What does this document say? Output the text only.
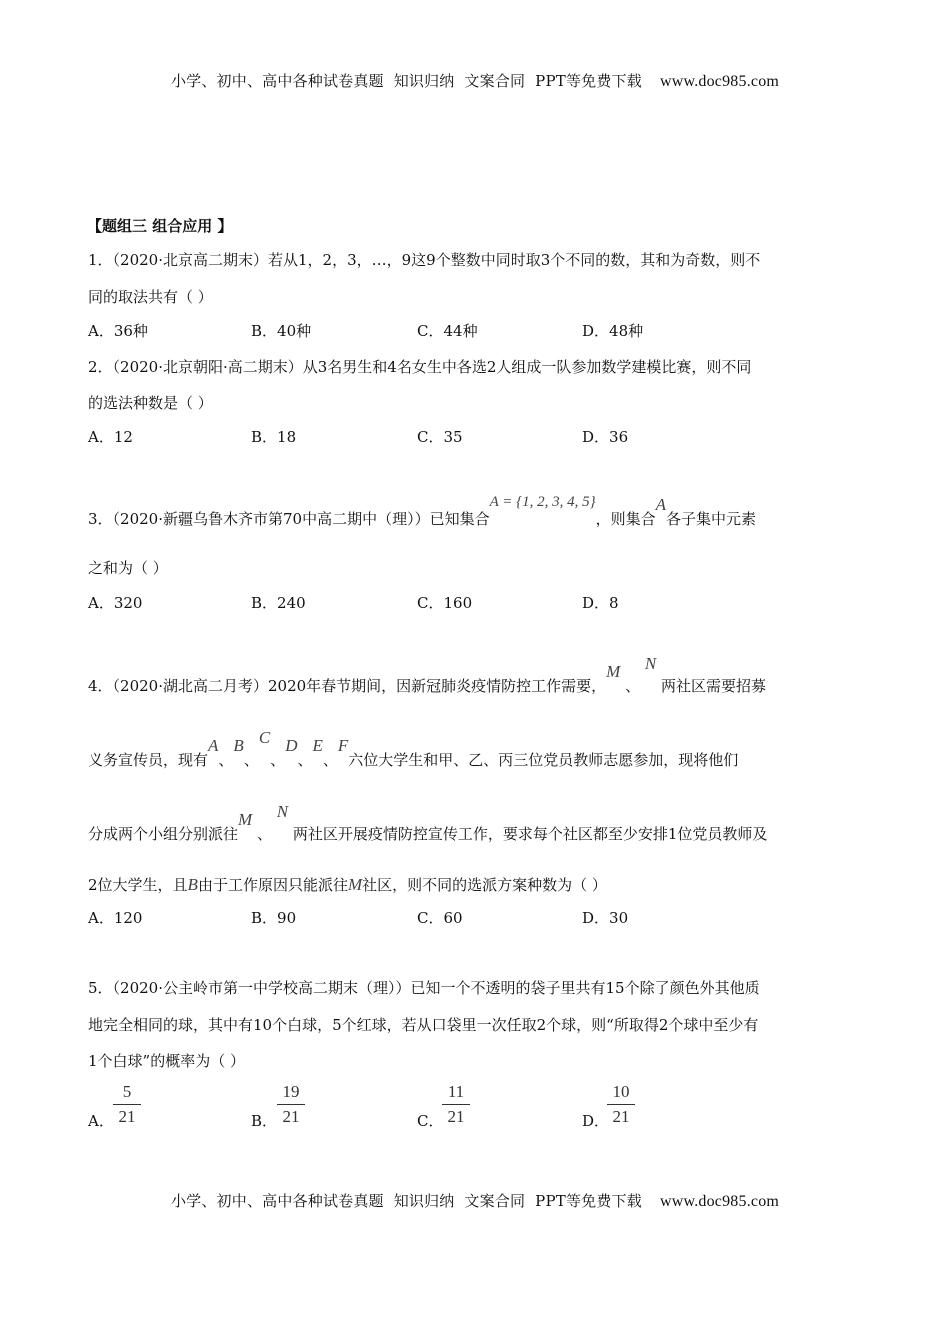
小学、初中、高中各种试卷真题  知识归纳  文案合同  PPT等免费下载 www.doc985.com
【题组三 组合应用 】
1．（2020·北京高二期末）若从1，2，3，…，9这9个整数中同时取3个不同的数，其和为奇数，则不
同的取法共有（ ）
A．36种	B．40种	C．44种	D．48种
2．（2020·北京朝阳·高二期末）从3名男生和4名女生中各选2人组成一队参加数学建模比赛，则不同
的选法种数是（ ）
A．12	B．18	C．35	D．36
3．（2020·新疆乌鲁木齐市第70中高二期中（理））已知集合A = {1, 2, 3, 4, 5}，则集合A各子集中元素
之和为（ ）
A．320	B．240	C．160	D．8
4．（2020·湖北高二月考）2020年春节期间，因新冠肺炎疫情防控工作需要，M 、 N 两社区需要招募
义务宣传员，现有A、B、C、D、E、F六位大学生和甲、乙、丙三位党员教师志愿参加，现将他们
分成两个小组分别派往M 、 N 两社区开展疫情防控宣传工作，要求每个社区都至少安排1位党员教师及
2位大学生，且B由于工作原因只能派往M社区，则不同的选派方案种数为（ ）
A．120	B．90	C．60	D．30
5．（2020·公主岭市第一中学校高二期末（理））已知一个不透明的袋子里共有15个除了颜色外其他质
地完全相同的球，其中有10个白球，5个红球，若从口袋里一次任取2个球，则“所取得2个球中至少有
1个白球”的概率为（ ）
A．
5
21	B．
19
21	C．
11
21	D．
10
21
小学、初中、高中各种试卷真题  知识归纳  文案合同  PPT等免费下载 www.doc985.com
